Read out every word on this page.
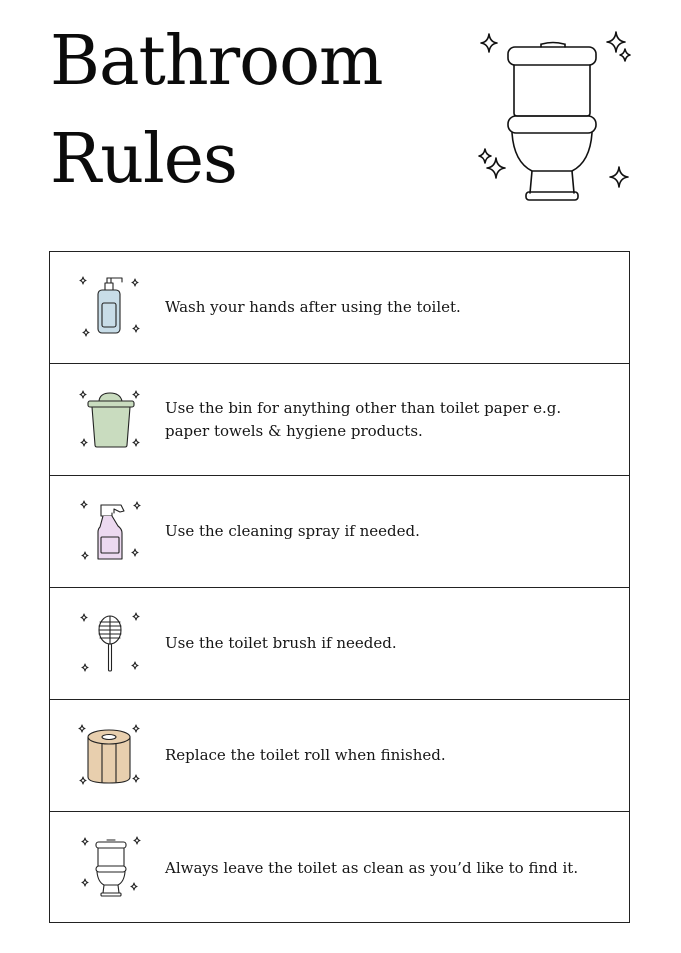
Bathroom
Rules
Wash your hands after using the toilet.
Use the bin for anything other than toilet paper e.g.
paper towels & hygiene products.
Use the cleaning spray if needed.
Use the toilet brush if needed.
Replace the toilet roll when finished.
Always leave the toilet as clean as you’d like to find it.
